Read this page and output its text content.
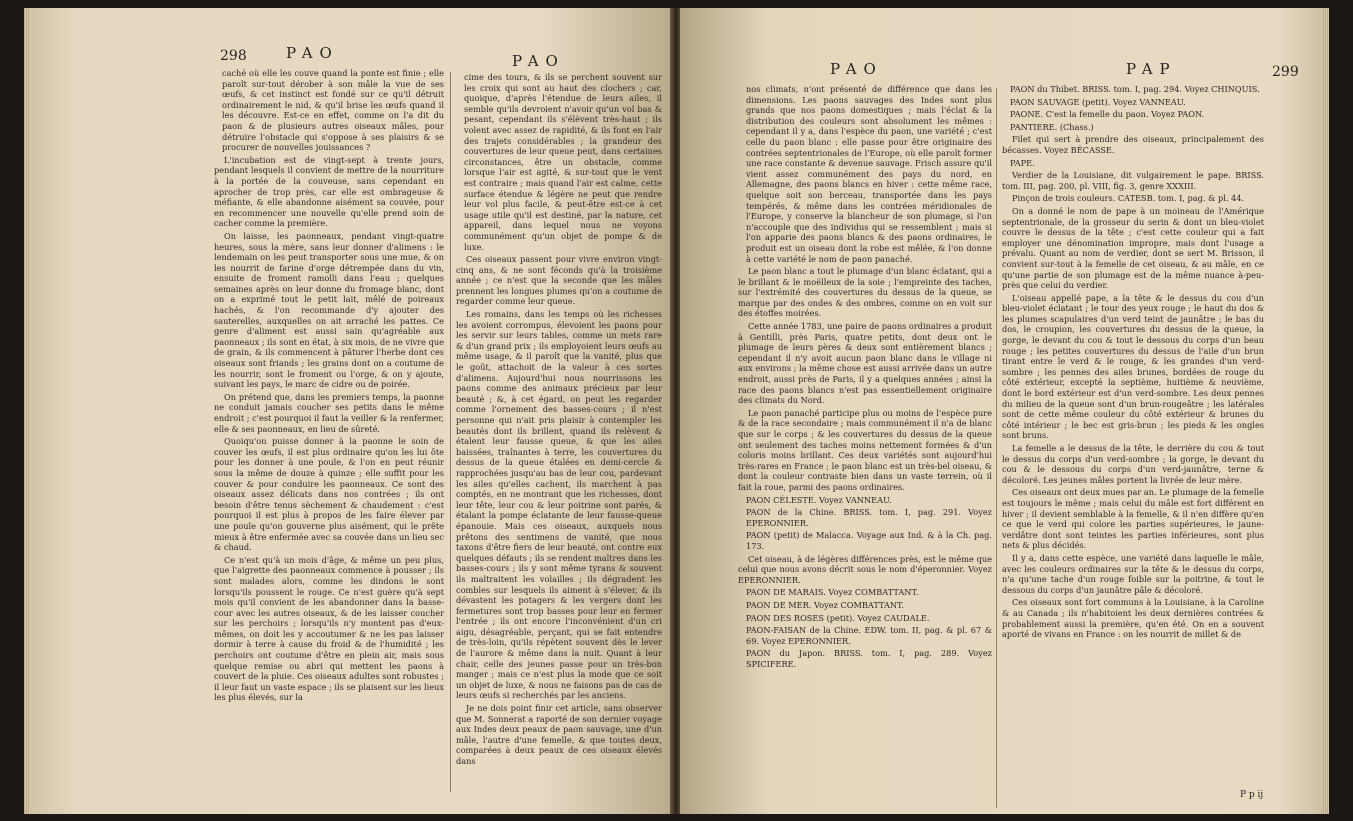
298	PAO	PAO

caché où elle les couve quand la ponte est finie ; elle paroît sur-tout dérober à son mâle la vue de ses œufs, & cet instinct est fondé sur ce qu'il détruit ordinairement le nid, & qu'il brise les œufs quand il les découvre. Est-ce en effet, comme on l'a dit du paon & de plusieurs autres oiseaux mâles, pour détruire l'obstacle qui s'oppose à ses plaisirs & se procurer de nouvelles jouissances ?

L'incubation est de vingt-sept à trente jours, pendant lesquels il convient de mettre de la nourriture à la portée de la couveuse, sans cependant en aprocher de trop près, car elle est ombrageuse & méfiante, & elle abandonne aisément sa couvée, pour en recommencer une nouvelle qu'elle prend soin de cacher comme la première.

On laisse, les paonneaux, pendant vingt-quatre heures, sous la mère, sans leur donner d'alimens : le lendemain on les peut transporter sous une mue, & on les nourrit de farine d'orge détrempée dans du vin, ensuite de froment ramolli dans l'eau ; quelques semaines après on leur donne du fromage blanc, dont on a exprimé tout le petit lait, mêlé de poireaux hachés, & l'on recommande d'y ajouter des sauterelles, auxquelles on ait arraché les pattes. Ce genre d'aliment est aussi sain qu'agréable aux paonneaux ; ils sont en état, à six mois, de ne vivre que de grain, & ils commencent à pâturer l'herbe dont ces oiseaux sont friands ; les grains dont on a coutume de les nourrir, sont le froment ou l'orge, & on y ajoute, suivant les pays, le marc de cidre ou de poirée.

On prétend que, dans les premiers temps, la paonne ne conduit jamais coucher ses petits dans le même endroit ; c'est pourquoi il faut la veiller & la renfermer, elle & ses paonneaux, en lieu de sûreté.

Quoiqu'on puisse donner à la paonne le soin de couver les œufs, il est plus ordinaire qu'on les lui ôte pour les donner à une poule, & l'on en peut réunir sous la même de douze à quinze ; elle suffit pour les couver & pour conduire les paonneaux. Ce sont des oiseaux assez délicats dans nos contrées ; ils ont besoin d'être tenus sèchement & chaudement : c'est pourquoi il est plus à propos de les faire élever par une poule qu'on gouverne plus aisément, qui le prête mieux à être enfermée avec sa couvée dans un lieu sec & chaud.

Ce n'est qu'à un mois d'âge, & même un peu plus, que l'aigrette des paonneaux commence à pousser ; ils sont malades alors, comme les dindons le sont lorsqu'ils poussent le rouge. Ce n'est guère qu'à sept mois qu'il convient de les abandonner dans la basse-cour avec les autres oiseaux, & de les laisser coucher sur les perchoirs ; lorsqu'ils n'y montent pas d'eux-mêmes, on doit les y accoutumer & ne les pas laisser dormir à terre à cause du froid & de l'humidité ; les perchoirs ont coutume d'être en plein air, mais sous quelque remise ou abri qui mettent les paons à couvert de la pluie. Ces oiseaux adultes sont robustes ; il leur faut un vaste espace ; ils se plaisent sur les lieux les plus élevés, sur la

cime des tours, & ils se perchent souvent sur les croix qui sont au haut des clochers ; car, quoique, d'après l'étendue de leurs ailes, il semble qu'ils devroient n'avoir qu'un vol bas & pesant, cependant ils s'élèvent très-haut ; ils volent avec assez de rapidité, & ils font en l'air des trajets considérables ; la grandeur des couvertures de leur queue peut, dans certaines circonstances, être un obstacle, comme lorsque l'air est agité, & sur-tout que le vent est contraire ; mais quand l'air est calme, cette surface étendue & légère ne peut que rendre leur vol plus facile, & peut-être est-ce à cet usage utile qu'il est destiné, par la nature, cet appareil, dans lequel nous ne voyons communément qu'un objet de pompe & de luxe.

Ces oiseaux passent pour vivre environ vingt-cinq ans, & ne sont féconds qu'à la troisième année ; ce n'est que la seconde que les mâles prennent les longues plumes qu'on a coutume de regarder comme leur queue.

Les romains, dans les temps où les richesses les avoient corrompus, élevoient les paons pour les servir sur leurs tables, comme un mets rare & d'un grand prix ; ils employoient leurs œufs au même usage, & il paroît que la vanité, plus que le goût, attachoit de la valeur à ces sortes d'alimens. Aujourd'hui nous nourrissons les paons comme des animaux précieux par leur beauté ; &, à cet égard, on peut les regarder comme l'ornement des basses-cours ; il n'est personne qui n'ait pris plaisir à contempler les beautés dont ils brillent, quand ils relèvent & étalent leur fausse queue, & que les ailes baissées, traînantes à terre, les couvertures du dessus de la queue étalées en demi-cercle & rapprochées jusqu'au bas de leur cou, pardevant les ailes qu'elles cachent, ils marchent à pas comptés, en ne montrant que les richesses, dont leur tête, leur cou & leur poitrine sont parés, & étalant la pompe éclatante de leur fausse-queue épanouie. Mais ces oiseaux, auxquels nous prêtons des sentimens de vanité, que nous taxons d'être fiers de leur beauté, ont contre eux quelques défauts ; ils se rendent maîtres dans les basses-cours ; ils y sont même tyrans & souvent ils maltraitent les volailles ; ils dégradent les combles sur lesquels ils aiment à s'élever, & ils dévastent les potagers & les vergers dont les fermetures sont trop basses pour leur en fermer l'entrée ; ils ont encore l'inconvénient d'un cri aigu, désagréable, perçant, qui se fait entendre de très-loin, qu'ils répètent souvent dès le lever de l'aurore & même dans la nuit. Quant à leur chair, celle des jeunes passe pour un très-bon manger ; mais ce n'est plus la mode que ce soit un objet de luxe, & nous ne faisons pas de cas de leurs œufs si recherchés par les anciens.

Je ne dois point finir cet article, sans observer que M. Sonnerat a raporté de son dernier voyage aux Indes deux peaux de paon sauvage, une d'un mâle, l'autre d'une femelle, & que toutes deux, comparées à deux peaux de ces oiseaux élevés dans

PAO	PAP	299

nos climats, n'ont présenté de différence que dans les dimensions. Les paons sauvages des Indes sont plus grands que nos paons domestiques ; mais l'éclat & la distribution des couleurs sont absolument les mêmes : cependant il y a, dans l'espèce du paon, une variété ; c'est celle du paon blanc : elle passe pour être originaire des contrées septentrionales de l'Europe, où elle paroît former une race constante & devenue sauvage. Frisch assure qu'il vient assez communément des pays du nord, en Allemagne, des paons blancs en hiver : cette même race, quelque soit son berceau, transportée dans les pays tempérés, & même dans les contrées méridionales de l'Europe, y conserve la blancheur de son plumage, si l'on n'accouple que des individus qui se ressemblent ; mais si l'on apparie des paons blancs & des paons ordinaires, le produit est un oiseau dont la robe est mêlée, & l'on donne à cette variété le nom de paon panaché.

Le paon blanc a tout le plumage d'un blanc éclatant, qui a le brillant & le moëlleux de la soie ; l'empreinte des taches, sur l'extrémité des couvertures du dessus de la queue, se marque par des ondes & des ombres, comme on en voit sur des étoffes moirées.

Cette année 1783, une paire de paons ordinaires a produit à Gentilli, près Paris, quatre petits, dont deux ont le plumage de leurs pères & deux sont entièrement blancs ; cependant il n'y avoit aucun paon blanc dans le village ni aux environs ; la même chose est aussi arrivée dans un autre endroit, aussi près de Paris, il y a quelques années ; ainsi la race des paons blancs n'est pas essentiellement originaire des climats du Nord.

Le paon panaché participe plus ou moins de l'espèce pure & de la race secondaire ; mais communément il n'a de blanc que sur le corps ; & les couvertures du dessus de la queue ont seulement des taches moins nettement formées & d'un coloris moins brillant. Ces deux variétés sont aujourd'hui très-rares en France ; le paon blanc est un très-bel oiseau, & dont la couleur contraste bien dans un vaste terrein, où il fait la roue, parmi des paons ordinaires.

PAON CÉLESTE. Voyez VANNEAU.

PAON de la Chine. BRISS. tom. I, pag. 291. Voyez EPERONNIER.

PAON (petit) de Malacca. Voyage aux Ind. & à la Ch. pag. 173.

Cet oiseau, à de légères différences près, est le même que celui que nous avons décrit sous le nom d'éperonnier. Voyez EPERONNIER.

PAON DE MARAIS. Voyez COMBATTANT.

PAON DE MER. Voyez COMBATTANT.

PAON DES ROSES (petit). Voyez CAUDALE.

PAON-FAISAN de la Chine. EDW. tom. II, pag. & pl. 67 & 69. Voyez EPERONNIER.

PAON du Japon. BRISS. tom. I, pag. 289. Voyez SPICIFERE.

PAON du Thibet. BRISS. tom. I, pag. 294. Voyez CHINQUIS.

PAON SAUVAGE (petit). Voyez VANNEAU.

PAONE. C'est la femelle du paon. Voyez PAON.

PANTIERE. (Chass.)

Filet qui sert à prendre des oiseaux, principalement des bécasses. Voyez BÉCASSE.

PAPE.

Verdier de la Louisiane, dit vulgairement le pape. BRISS. tom. III, pag. 200, pl. VIII, fig. 3, genre XXXIII.

Pinçon de trois couleurs. CATESB. tom. I, pag. & pl. 44.

On a donné le nom de pape à un moineau de l'Amérique septentrionale, de la grosseur du serin & dont un bleu-violet couvre le dessus de la tête ; c'est cette couleur qui a fait employer une dénomination impropre, mais dont l'usage a prévalu. Quant au nom de verdier, dont se sert M. Brisson, il convient sur-tout à la femelle de cet oiseau, & au mâle, en ce qu'une partie de son plumage est de la même nuance à-peu-près que celui du verdier.

L'oiseau appellé pape, a la tête & le dessus du cou d'un bleu-violet éclatant ; le tour des yeux rouge ; le haut du dos & les plumes scapulaires d'un verd teint de jaunâtre ; le bas du dos, le croupion, les couvertures du dessus de la queue, la gorge, le devant du cou & tout le dessous du corps d'un beau rouge ; les petites couvertures du dessus de l'aile d'un brun tirant entre le verd & le rouge, & les grandes d'un verd-sombre ; les pennes des ailes brunes, bordées de rouge du côté extérieur, excepté la septième, huitième & neuvième, dont le bord extérieur est d'un verd-sombre. Les deux pennes du milieu de la queue sont d'un brun-rougeâtre ; les latérales sont de cette même couleur du côté extérieur & brunes du côté intérieur ; le bec est gris-brun ; les pieds & les ongles sont bruns.

La femelle a le dessus de la tête, le derrière du cou & tout le dessus du corps d'un verd-sombre ; la gorge, le devant du cou & le dessous du corps d'un verd-jaunâtre, terne & décoloré. Les jeunes mâles portent la livrée de leur mère.

Ces oiseaux ont deux mues par an. Le plumage de la femelle est toujours le même ; mais celui du mâle est fort différent en hiver ; il devient semblable à la femelle, & il n'en diffère qu'en ce que le verd qui colore les parties supérieures, le jaune-verdâtre dont sont teintes les parties inférieures, sont plus nets & plus décidés.

Il y a, dans cette espèce, une variété dans laquelle le mâle, avec les couleurs ordinaires sur la tête & le dessus du corps, n'a qu'une tache d'un rouge foible sur la poitrine, & tout le dessous du corps d'un jaunâtre pâle & décoloré.

Ces oiseaux sont fort communs à la Louisiane, à la Caroline & au Canada ; ils n'habitoient les deux dernières contrées & probablement aussi la première, qu'en été. On en a souvent aporté de vivans en France : on les nourrit de millet & de

P p ij
